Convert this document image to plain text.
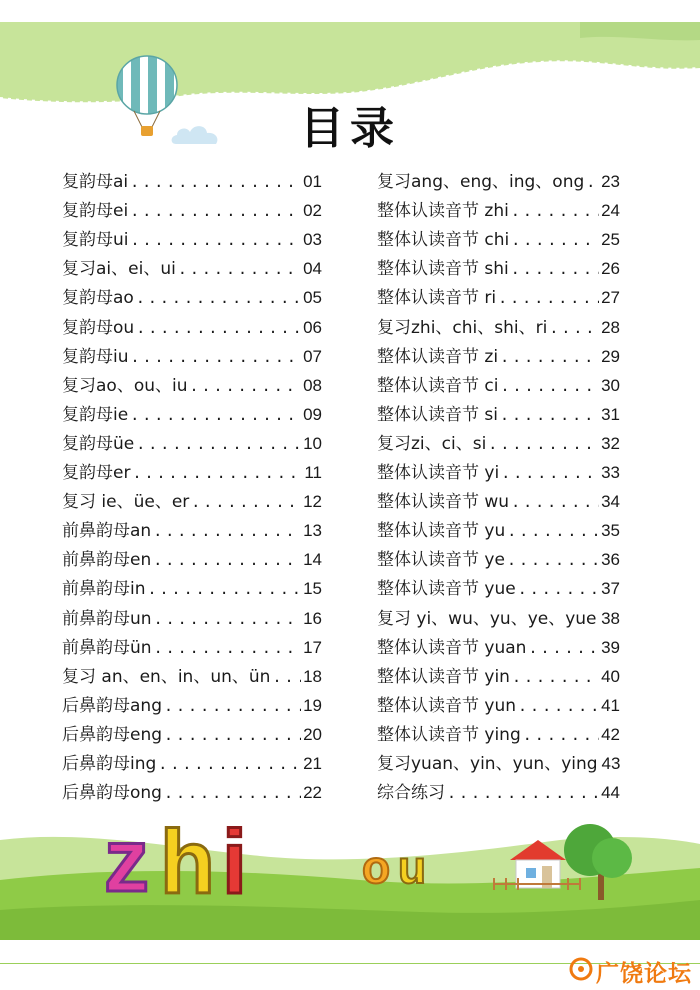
目录
复韵母ai .....	01
复韵母ei .....	02
复韵母ui .....	03
复习ai、ei、ui .....	04
复韵母ao .....	05
复韵母ou .....	06
复韵母iu .....	07
复习ao、ou、iu .....	08
复韵母ie .....	09
复韵母üe .....	10
复韵母er .....	11
复习 ie、üe、er .....	12
前鼻韵母an .....	13
前鼻韵母en .....	14
前鼻韵母in .....	15
前鼻韵母un .....	16
前鼻韵母ün .....	17
复习 an、en、in、un、ün ..... 18
后鼻韵母ang .....	19
后鼻韵母eng .....	20
后鼻韵母ing .....	21
后鼻韵母ong .....	22
复习ang、eng、ing、ong ..... 23
整体认读音节 zhi .....	24
整体认读音节 chi .....	25
整体认读音节 shi .....	26
整体认读音节 ri .....	27
复习zhi、chi、shi、ri .....	28
整体认读音节 zi .....	29
整体认读音节 ci .....	30
整体认读音节 si .....	31
复习zi、ci、si .....	32
整体认读音节 yi .....	33
整体认读音节 wu .....	34
整体认读音节 yu .....	35
整体认读音节 ye .....	36
整体认读音节 yue .....	37
复习 yi、wu、yu、ye、yue ..... 38
整体认读音节 yuan .....	39
整体认读音节 yin .....	40
整体认读音节 yun .....	41
整体认读音节 ying .....	42
复习yuan、yin、yun、ying 43
综合练习 .....	44
z h i o u
广饶论坛
